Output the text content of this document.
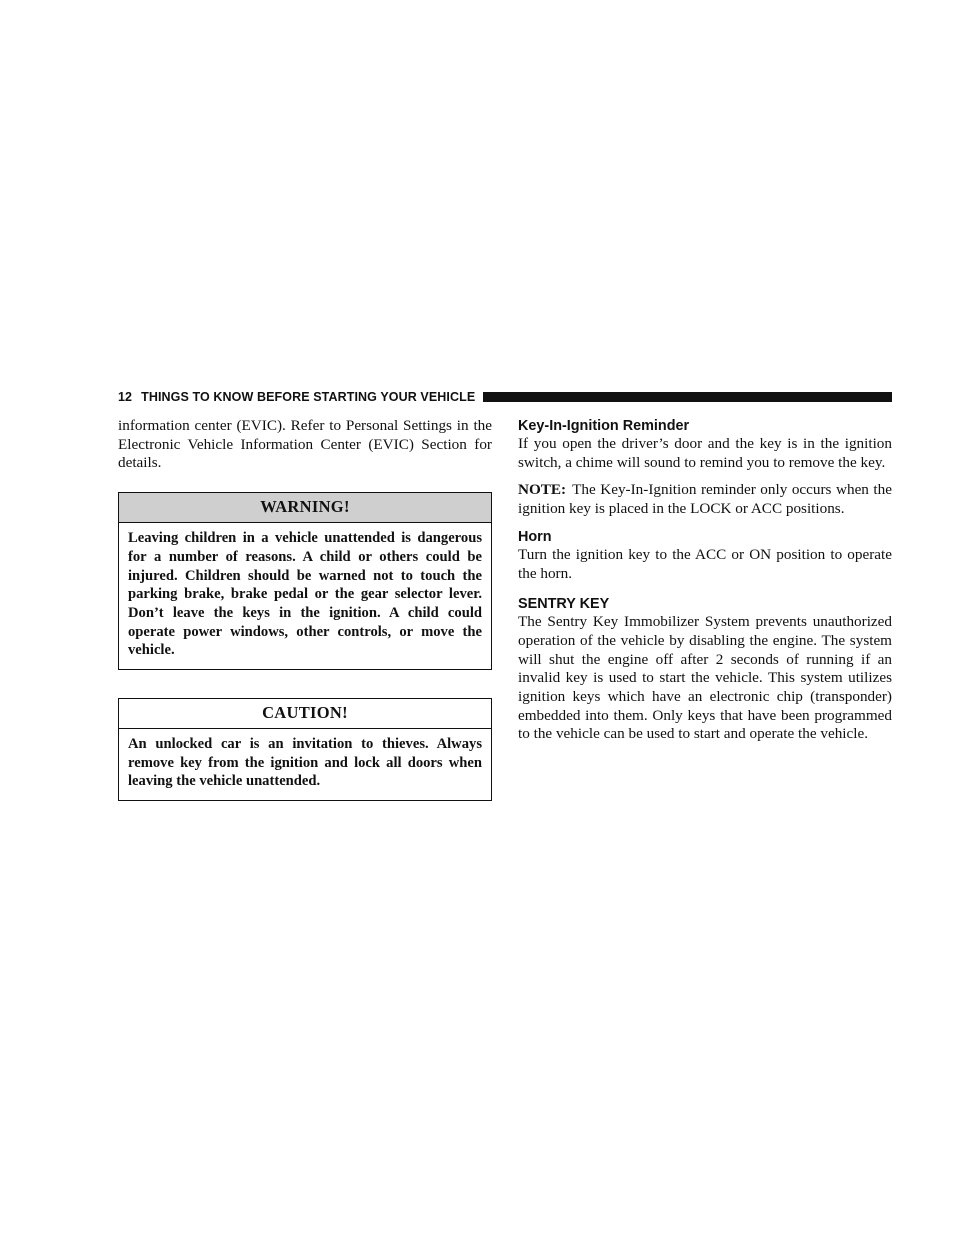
12 THINGS TO KNOW BEFORE STARTING YOUR VEHICLE

information center (EVIC). Refer to Personal Settings in the Electronic Vehicle Information Center (EVIC) Section for details.

WARNING!
Leaving children in a vehicle unattended is dangerous for a number of reasons. A child or others could be injured. Children should be warned not to touch the parking brake, brake pedal or the gear selector lever. Don’t leave the keys in the ignition. A child could operate power windows, other controls, or move the vehicle.
CAUTION!
An unlocked car is an invitation to thieves. Always remove key from the ignition and lock all doors when leaving the vehicle unattended.
Key-In-Ignition Reminder

If you open the driver’s door and the key is in the ignition switch, a chime will sound to remind you to remove the key.

NOTE: The Key-In-Ignition reminder only occurs when the ignition key is placed in the LOCK or ACC positions.

Horn

Turn the ignition key to the ACC or ON position to operate the horn.

SENTRY KEY

The Sentry Key Immobilizer System prevents unauthorized operation of the vehicle by disabling the engine. The system will shut the engine off after 2 seconds of running if an invalid key is used to start the vehicle. This system utilizes ignition keys which have an electronic chip (transponder) embedded into them. Only keys that have been programmed to the vehicle can be used to start and operate the vehicle.
